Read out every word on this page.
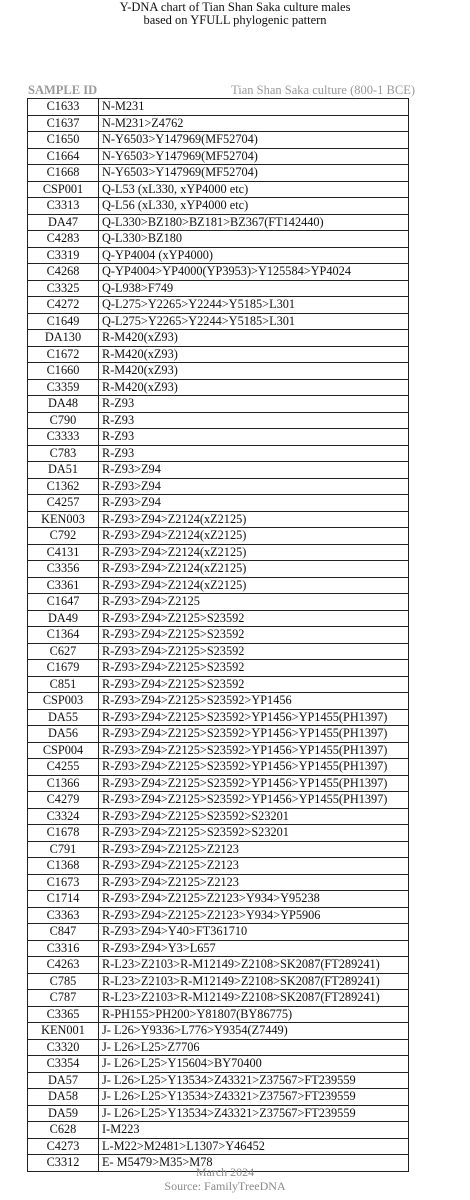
Y-DNA chart of Tian Shan Saka culture males
based on YFULL phylogenic pattern
SAMPLE ID	Tian Shan Saka culture (800-1 BCE)
C1633	N-M231
C1637	N-M231>Z4762
C1650	N-Y6503>Y147969(MF52704)
C1664	N-Y6503>Y147969(MF52704)
C1668	N-Y6503>Y147969(MF52704)
CSP001	Q-L53 (xL330, xYP4000 etc)
C3313	Q-L56 (xL330, xYP4000 etc)
DA47	Q-L330>BZ180>BZ181>BZ367(FT142440)
C4283	Q-L330>BZ180
C3319	Q-YP4004 (xYP4000)
C4268	Q-YP4004>YP4000(YP3953)>Y125584>YP4024
C3325	Q-L938>F749
C4272	Q-L275>Y2265>Y2244>Y5185>L301
C1649	Q-L275>Y2265>Y2244>Y5185>L301
DA130	R-M420(xZ93)
C1672	R-M420(xZ93)
C1660	R-M420(xZ93)
C3359	R-M420(xZ93)
DA48	R-Z93
C790	R-Z93
C3333	R-Z93
C783	R-Z93
DA51	R-Z93>Z94
C1362	R-Z93>Z94
C4257	R-Z93>Z94
KEN003	R-Z93>Z94>Z2124(xZ2125)
C792	R-Z93>Z94>Z2124(xZ2125)
C4131	R-Z93>Z94>Z2124(xZ2125)
C3356	R-Z93>Z94>Z2124(xZ2125)
C3361	R-Z93>Z94>Z2124(xZ2125)
C1647	R-Z93>Z94>Z2125
DA49	R-Z93>Z94>Z2125>S23592
C1364	R-Z93>Z94>Z2125>S23592
C627	R-Z93>Z94>Z2125>S23592
C1679	R-Z93>Z94>Z2125>S23592
C851	R-Z93>Z94>Z2125>S23592
CSP003	R-Z93>Z94>Z2125>S23592>YP1456
DA55	R-Z93>Z94>Z2125>S23592>YP1456>YP1455(PH1397)
DA56	R-Z93>Z94>Z2125>S23592>YP1456>YP1455(PH1397)
CSP004	R-Z93>Z94>Z2125>S23592>YP1456>YP1455(PH1397)
C4255	R-Z93>Z94>Z2125>S23592>YP1456>YP1455(PH1397)
C1366	R-Z93>Z94>Z2125>S23592>YP1456>YP1455(PH1397)
C4279	R-Z93>Z94>Z2125>S23592>YP1456>YP1455(PH1397)
C3324	R-Z93>Z94>Z2125>S23592>S23201
C1678	R-Z93>Z94>Z2125>S23592>S23201
C791	R-Z93>Z94>Z2125>Z2123
C1368	R-Z93>Z94>Z2125>Z2123
C1673	R-Z93>Z94>Z2125>Z2123
C1714	R-Z93>Z94>Z2125>Z2123>Y934>Y95238
C3363	R-Z93>Z94>Z2125>Z2123>Y934>YP5906
C847	R-Z93>Z94>Y40>FT361710
C3316	R-Z93>Z94>Y3>L657
C4263	R-L23>Z2103>R-M12149>Z2108>SK2087(FT289241)
C785	R-L23>Z2103>R-M12149>Z2108>SK2087(FT289241)
C787	R-L23>Z2103>R-M12149>Z2108>SK2087(FT289241)
C3365	R-PH155>PH200>Y81807(BY86775)
KEN001	J- L26>Y9336>L776>Y9354(Z7449)
C3320	J- L26>L25>Z7706
C3354	J- L26>L25>Y15604>BY70400
DA57	J- L26>L25>Y13534>Z43321>Z37567>FT239559
DA58	J- L26>L25>Y13534>Z43321>Z37567>FT239559
DA59	J- L26>L25>Y13534>Z43321>Z37567>FT239559
C628	I-M223
C4273	L-M22>M2481>L1307>Y46452
C3312	E- M5479>M35>M78
March 2024
Source: FamilyTreeDNA
